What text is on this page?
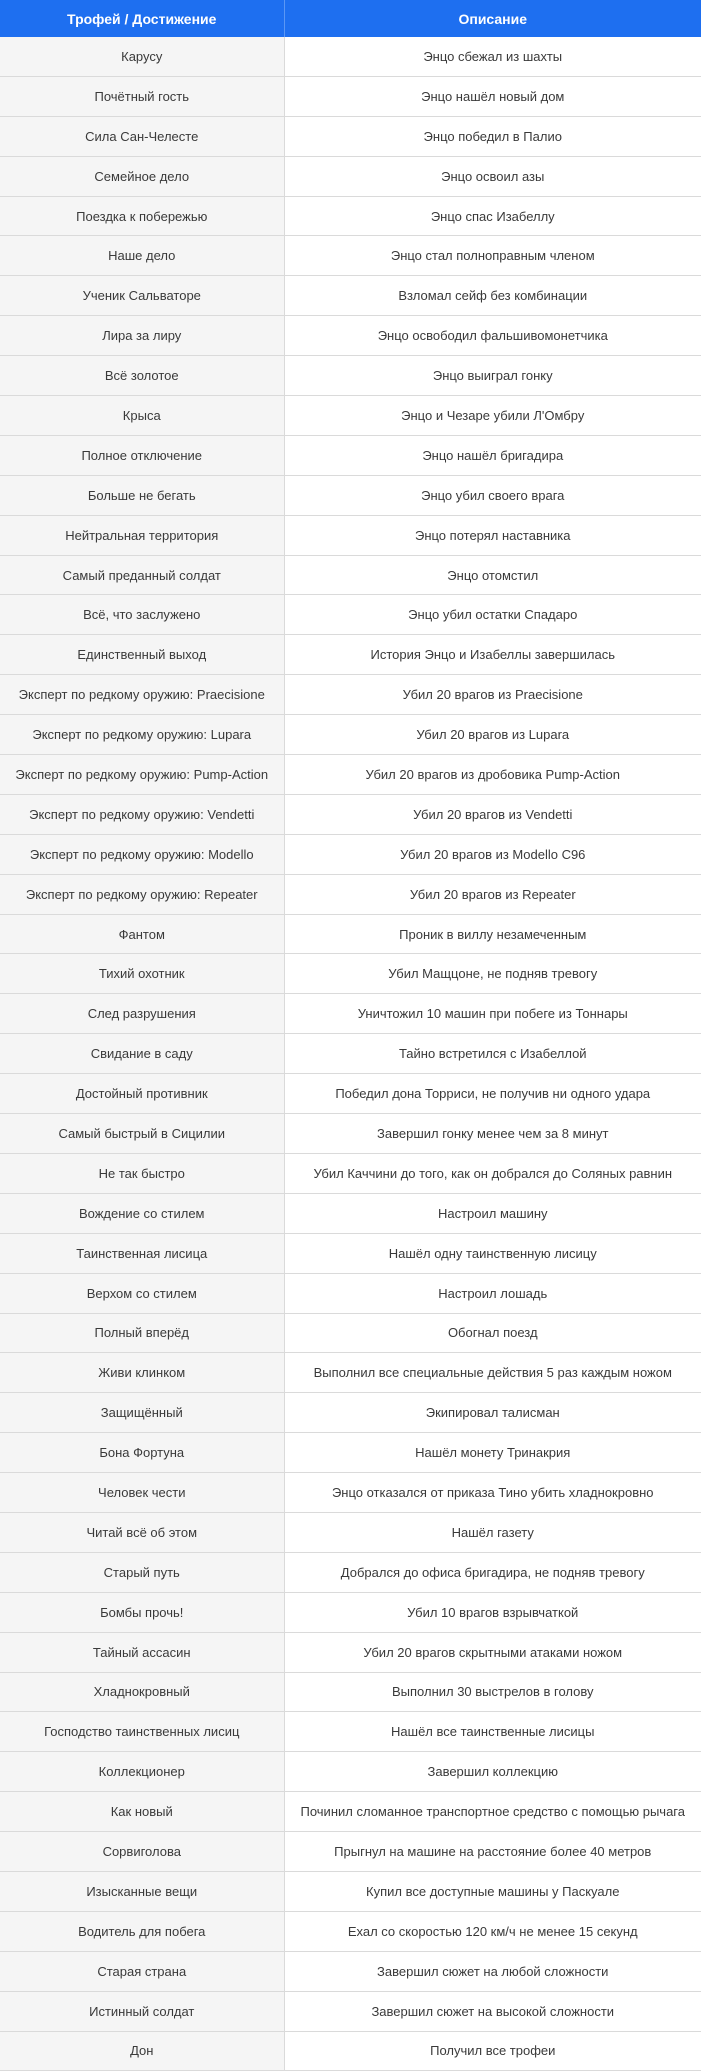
Трофей / Достижение	Описание
Карусу	Энцо сбежал из шахты
Почётный гость	Энцо нашёл новый дом
Сила Сан-Челесте	Энцо победил в Палио
Семейное дело	Энцо освоил азы
Поездка к побережью	Энцо спас Изабеллу
Наше дело	Энцо стал полноправным членом
Ученик Сальваторе	Взломал сейф без комбинации
Лира за лиру	Энцо освободил фальшивомонетчика
Всё золотое	Энцо выиграл гонку
Крыса	Энцо и Чезаре убили Л'Омбру
Полное отключение	Энцо нашёл бригадира
Больше не бегать	Энцо убил своего врага
Нейтральная территория	Энцо потерял наставника
Самый преданный солдат	Энцо отомстил
Всё, что заслужено	Энцо убил остатки Спадаро
Единственный выход	История Энцо и Изабеллы завершилась
Эксперт по редкому оружию: Praecisione	Убил 20 врагов из Praecisione
Эксперт по редкому оружию: Lupara	Убил 20 врагов из Lupara
Эксперт по редкому оружию: Pump-Action	Убил 20 врагов из дробовика Pump-Action
Эксперт по редкому оружию: Vendetti	Убил 20 врагов из Vendetti
Эксперт по редкому оружию: Modello	Убил 20 врагов из Modello C96
Эксперт по редкому оружию: Repeater	Убил 20 врагов из Repeater
Фантом	Проник в виллу незамеченным
Тихий охотник	Убил Мащцоне, не подняв тревогу
След разрушения	Уничтожил 10 машин при побеге из Тоннары
Свидание в саду	Тайно встретился с Изабеллой
Достойный противник	Победил дона Торриси, не получив ни одного удара
Самый быстрый в Сицилии	Завершил гонку менее чем за 8 минут
Не так быстро	Убил Каччини до того, как он добрался до Соляных равнин
Вождение со стилем	Настроил машину
Таинственная лисица	Нашёл одну таинственную лисицу
Верхом со стилем	Настроил лошадь
Полный вперёд	Обогнал поезд
Живи клинком	Выполнил все специальные действия 5 раз каждым ножом
Защищённый	Экипировал талисман
Бона Фортуна	Нашёл монету Тринакрия
Человек чести	Энцо отказался от приказа Тино убить хладнокровно
Читай всё об этом	Нашёл газету
Старый путь	Добрался до офиса бригадира, не подняв тревогу
Бомбы прочь!	Убил 10 врагов взрывчаткой
Тайный ассасин	Убил 20 врагов скрытными атаками ножом
Хладнокровный	Выполнил 30 выстрелов в голову
Господство таинственных лисиц	Нашёл все таинственные лисицы
Коллекционер	Завершил коллекцию
Как новый	Починил сломанное транспортное средство с помощью рычага
Сорвиголова	Прыгнул на машине на расстояние более 40 метров
Изысканные вещи	Купил все доступные машины у Паскуале
Водитель для побега	Ехал со скоростью 120 км/ч не менее 15 секунд
Старая страна	Завершил сюжет на любой сложности
Истинный солдат	Завершил сюжет на высокой сложности
Дон	Получил все трофеи
